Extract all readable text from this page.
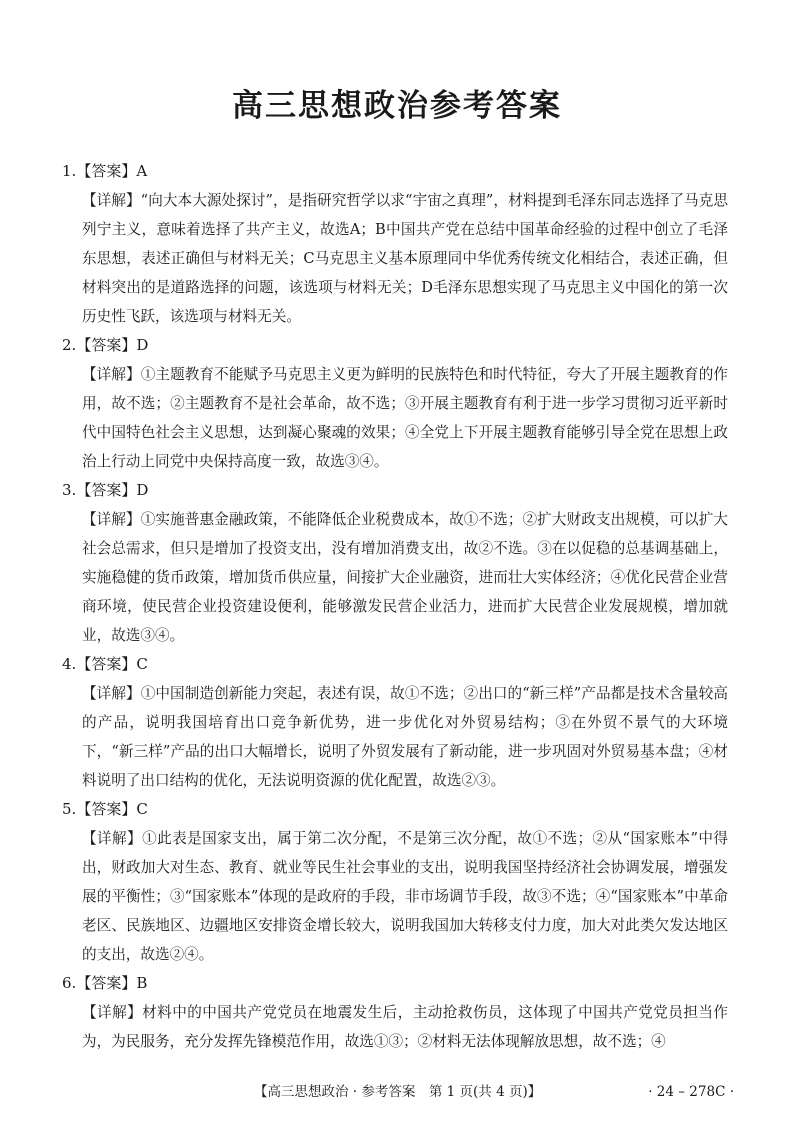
高三思想政治参考答案

1.【答案】A

【详解】“向大本大源处探讨”，是指研究哲学以求“宇宙之真理”，材料提到毛泽东同志选择了马克思列宁主义，意味着选择了共产主义，故选A；B中国共产党在总结中国革命经验的过程中创立了毛泽东思想，表述正确但与材料无关；C马克思主义基本原理同中华优秀传统文化相结合，表述正确，但材料突出的是道路选择的问题，该选项与材料无关；D毛泽东思想实现了马克思主义中国化的第一次历史性飞跃，该选项与材料无关。

2.【答案】D

【详解】①主题教育不能赋予马克思主义更为鲜明的民族特色和时代特征，夸大了开展主题教育的作用，故不选；②主题教育不是社会革命，故不选；③开展主题教育有利于进一步学习贯彻习近平新时代中国特色社会主义思想，达到凝心聚魂的效果；④全党上下开展主题教育能够引导全党在思想上政治上行动上同党中央保持高度一致，故选③④。

3.【答案】D

【详解】①实施普惠金融政策，不能降低企业税费成本，故①不选；②扩大财政支出规模，可以扩大社会总需求，但只是增加了投资支出，没有增加消费支出，故②不选。③在以促稳的总基调基础上，实施稳健的货币政策，增加货币供应量，间接扩大企业融资，进而壮大实体经济；④优化民营企业营商环境，使民营企业投资建设便利，能够激发民营企业活力，进而扩大民营企业发展规模，增加就业，故选③④。

4.【答案】C

【详解】①中国制造创新能力突起，表述有误，故①不选；②出口的“新三样”产品都是技术含量较高的产品，说明我国培育出口竞争新优势，进一步优化对外贸易结构；③在外贸不景气的大环境下，“新三样”产品的出口大幅增长，说明了外贸发展有了新动能，进一步巩固对外贸易基本盘；④材料说明了出口结构的优化，无法说明资源的优化配置，故选②③。

5.【答案】C

【详解】①此表是国家支出，属于第二次分配，不是第三次分配，故①不选；②从“国家账本”中得出，财政加大对生态、教育、就业等民生社会事业的支出，说明我国坚持经济社会协调发展，增强发展的平衡性；③“国家账本”体现的是政府的手段，非市场调节手段，故③不选；④“国家账本”中革命老区、民族地区、边疆地区安排资金增长较大，说明我国加大转移支付力度，加大对此类欠发达地区的支出，故选②④。

6.【答案】B

【详解】材料中的中国共产党党员在地震发生后，主动抢救伤员，这体现了中国共产党党员担当作为，为民服务，充分发挥先锋模范作用，故选①③；②材料无法体现解放思想，故不选；④

【高三思想政治 · 参考答案　第 1 页(共 4 页)】	· 24 – 278C ·
